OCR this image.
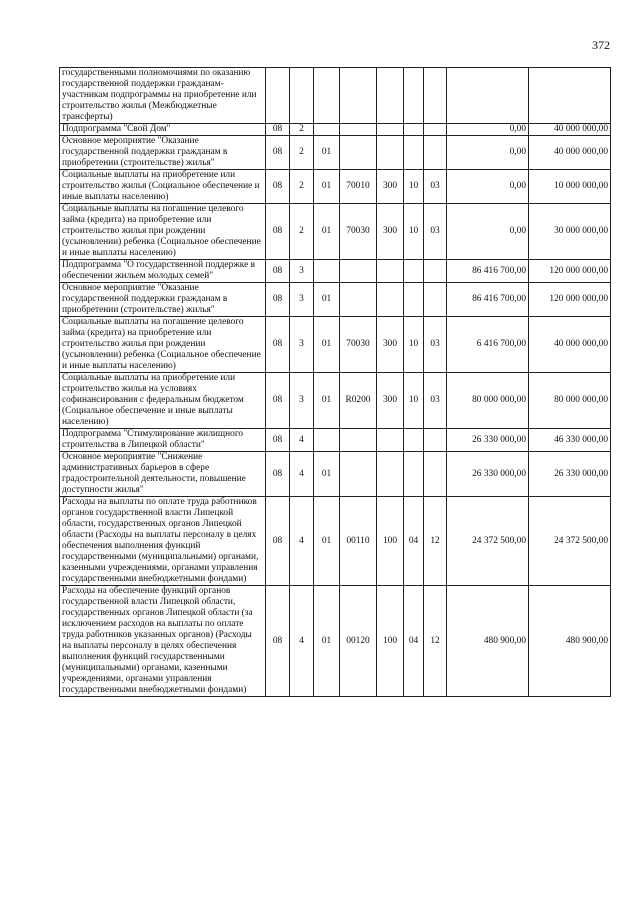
372
государственными полномочиями по оказанию государственной поддержки гражданам-участникам подпрограммы на приобретение или строительство жилья (Межбюджетные трансферты)									
Подпрограмма "Свой Дом"	08	2						0,00	40 000 000,00
Основное мероприятие "Оказание государственной поддержки гражданам в приобретении (строительстве) жилья"	08	2	01					0,00	40 000 000,00
Социальные выплаты на приобретение или строительство жилья (Социальное обеспечение и иные выплаты населению)	08	2	01	70010	300	10	03	0,00	10 000 000,00
Социальные выплаты на погашение целевого займа (кредита) на приобретение или строительство жилья при рождении (усыновлении) ребенка (Социальное обеспечение и иные выплаты населению)	08	2	01	70030	300	10	03	0,00	30 000 000,00
Подпрограмма "О государственной поддержке в обеспечении жильем молодых семей"	08	3						86 416 700,00	120 000 000,00
Основное мероприятие "Оказание государственной поддержки гражданам в приобретении (строительстве) жилья"	08	3	01					86 416 700,00	120 000 000,00
Социальные выплаты на погашение целевого займа (кредита) на приобретение или строительство жилья при рождении (усыновлении) ребенка (Социальное обеспечение и иные выплаты населению)	08	3	01	70030	300	10	03	6 416 700,00	40 000 000,00
Социальные выплаты на приобретение или строительство жилья на условиях софинансирования с федеральным бюджетом (Социальное обеспечение и иные выплаты населению)	08	3	01	R0200	300	10	03	80 000 000,00	80 000 000,00
Подпрограмма "Стимулирование жилищного строительства в Липецкой области"	08	4						26 330 000,00	46 330 000,00
Основное мероприятие "Снижение административных барьеров в сфере градостроительной деятельности, повышение доступности жилья"	08	4	01					26 330 000,00	26 330 000,00
Расходы на выплаты по оплате труда работников органов государственной власти Липецкой области, государственных органов Липецкой области (Расходы на выплаты персоналу в целях обеспечения выполнения функций государственными (муниципальными) органами, казенными учреждениями, органами управления государственными внебюджетными фондами)	08	4	01	00110	100	04	12	24 372 500,00	24 372 500,00
Расходы на обеспечение функций органов государственной власти Липецкой области, государственных органов Липецкой области (за исключением расходов на выплаты по оплате труда работников указанных органов) (Расходы на выплаты персоналу в целях обеспечения выполнения функций государственными (муниципальными) органами, казенными учреждениями, органами управления государственными внебюджетными фондами)	08	4	01	00120	100	04	12	480 900,00	480 900,00
